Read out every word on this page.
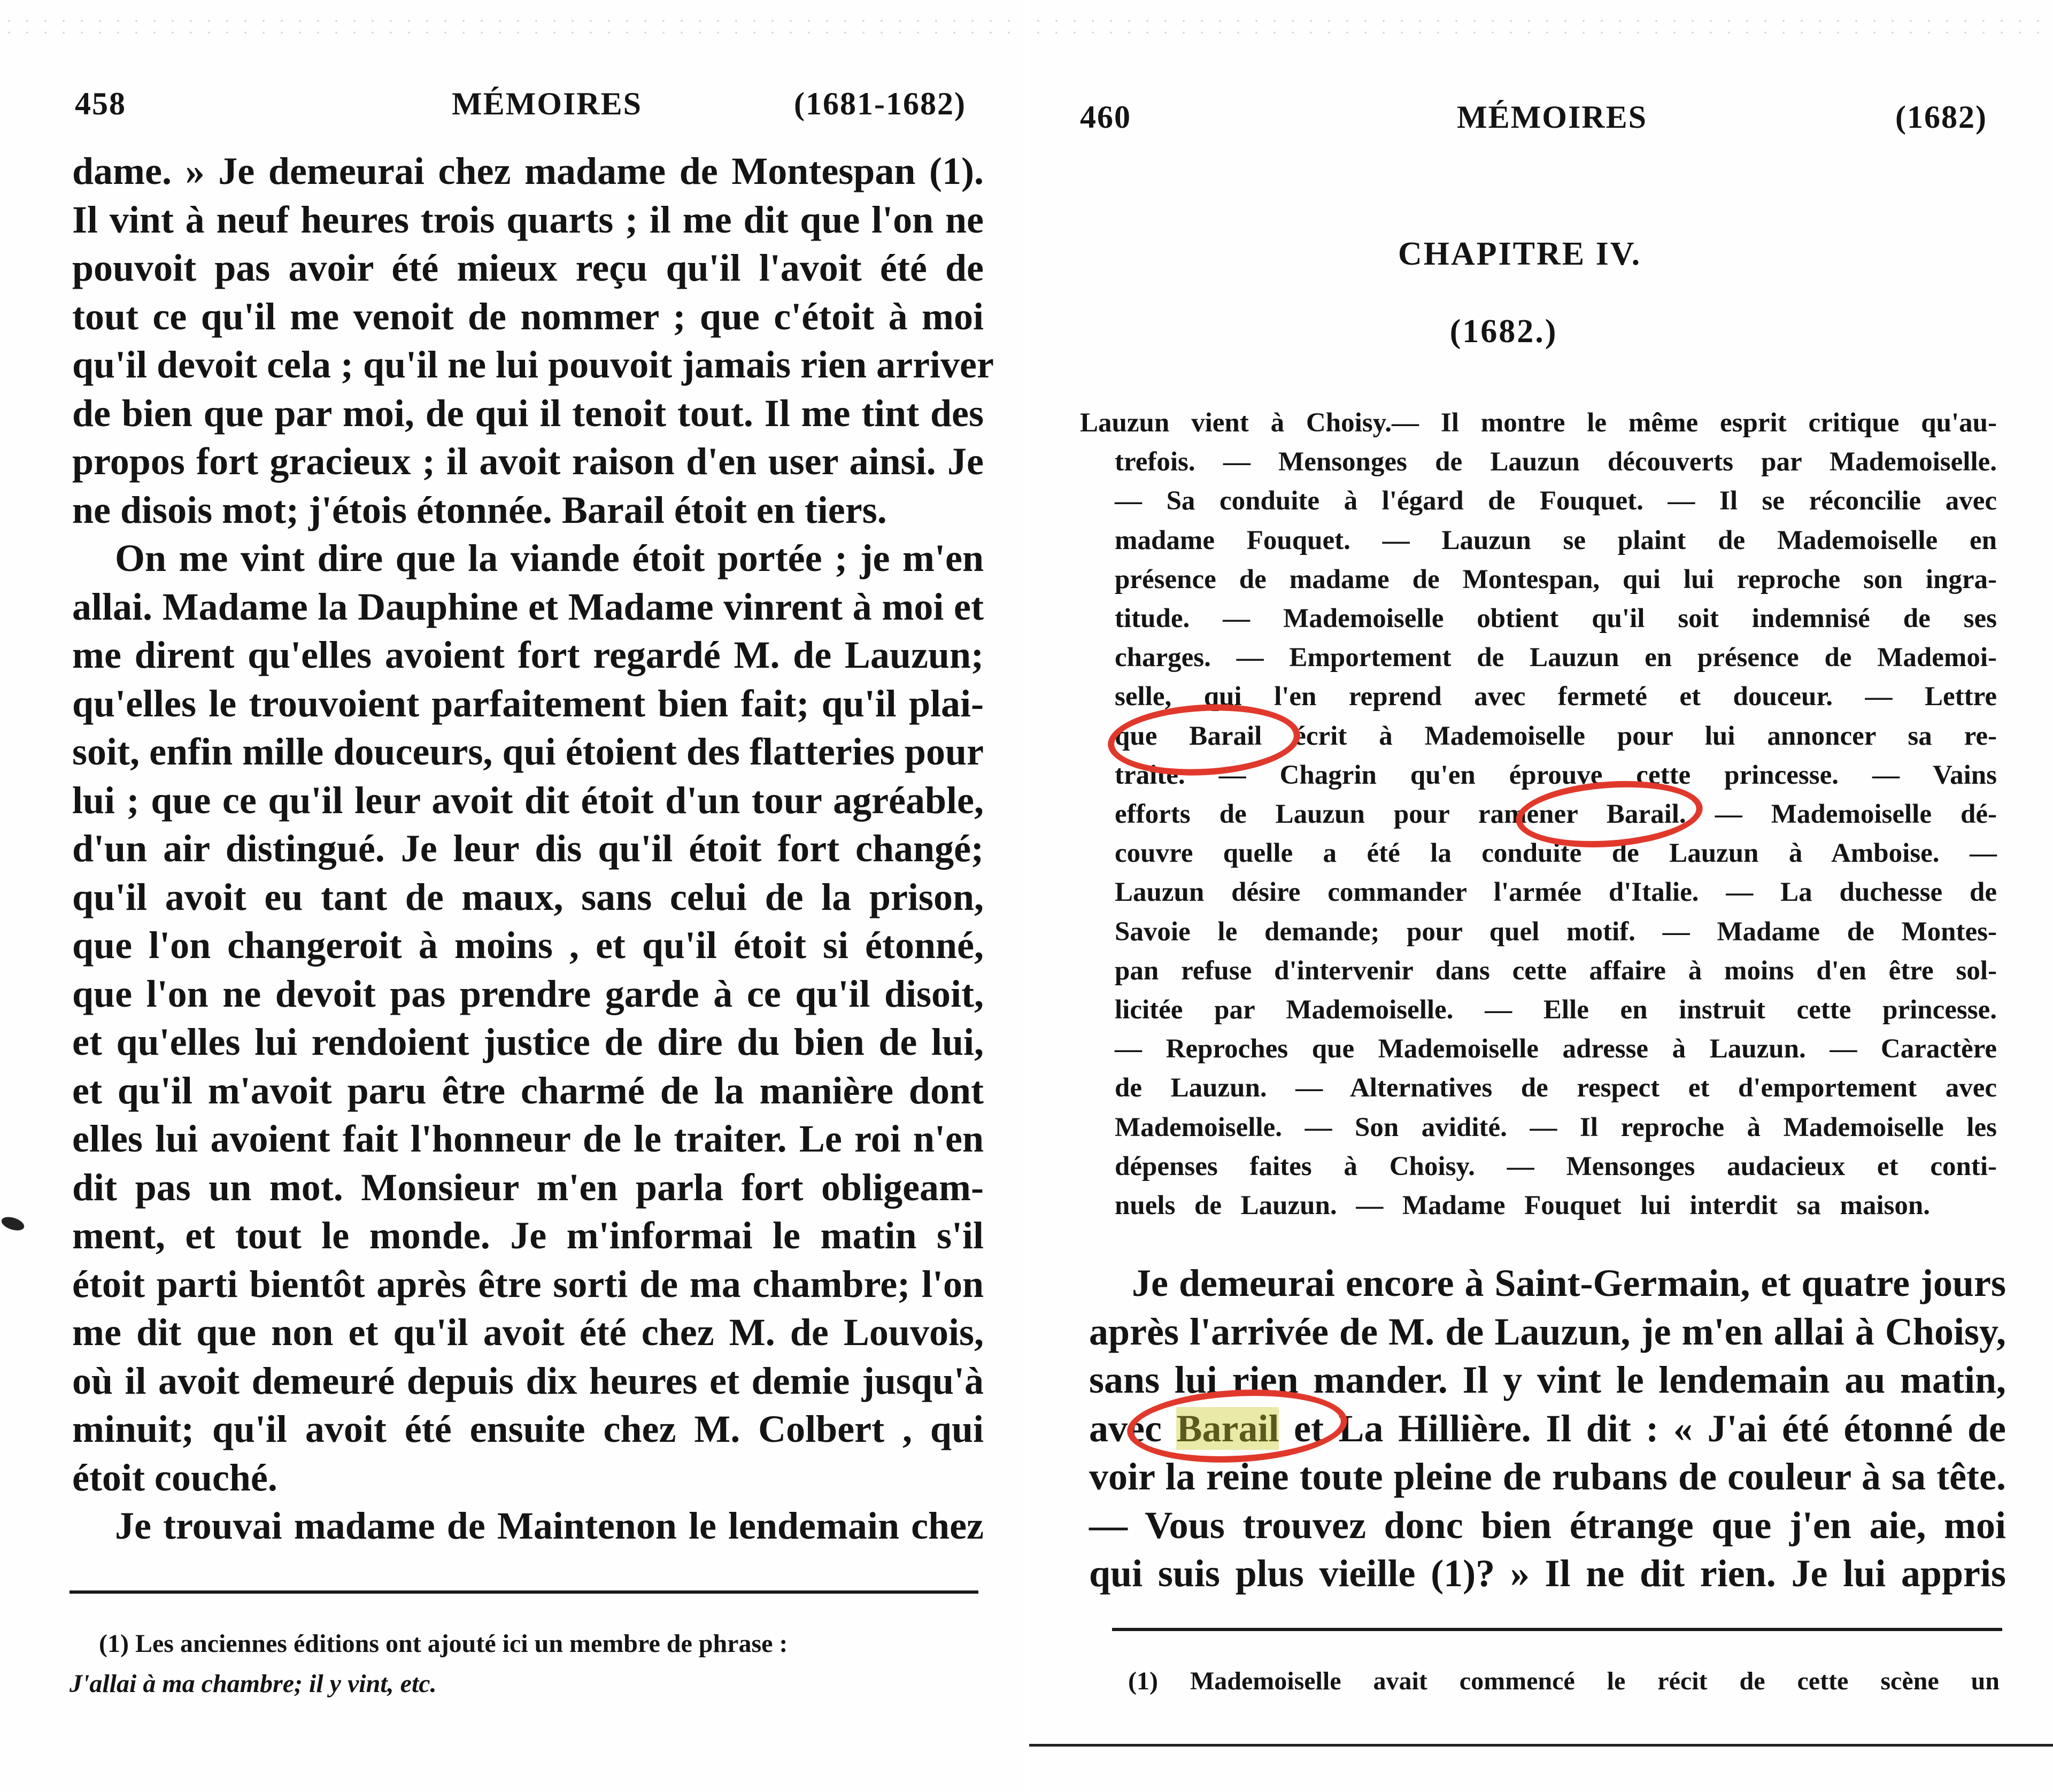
458	MÉMOIRES	(1681-1682)
dame. » Je demeurai chez madame de Montespan (1).
Il vint à neuf heures trois quarts ; il me dit que l'on ne
pouvoit pas avoir été mieux reçu qu'il l'avoit été de
tout ce qu'il me venoit de nommer ; que c'étoit à moi
qu'il devoit cela ; qu'il ne lui pouvoit jamais rien arriver
de bien que par moi, de qui il tenoit tout. Il me tint des
propos fort gracieux ; il avoit raison d'en user ainsi. Je
ne disois mot; j'étois étonnée. Barail étoit en tiers.
On me vint dire que la viande étoit portée ; je m'en
allai. Madame la Dauphine et Madame vinrent à moi et
me dirent qu'elles avoient fort regardé M. de Lauzun;
qu'elles le trouvoient parfaitement bien fait; qu'il plai-
soit, enfin mille douceurs, qui étoient des flatteries pour
lui ; que ce qu'il leur avoit dit étoit d'un tour agréable,
d'un air distingué. Je leur dis qu'il étoit fort changé;
qu'il avoit eu tant de maux, sans celui de la prison,
que l'on changeroit à moins , et qu'il étoit si étonné,
que l'on ne devoit pas prendre garde à ce qu'il disoit,
et qu'elles lui rendoient justice de dire du bien de lui,
et qu'il m'avoit paru être charmé de la manière dont
elles lui avoient fait l'honneur de le traiter. Le roi n'en
dit pas un mot. Monsieur m'en parla fort obligeam-
ment, et tout le monde. Je m'informai le matin s'il
étoit parti bientôt après être sorti de ma chambre; l'on
me dit que non et qu'il avoit été chez M. de Louvois,
où il avoit demeuré depuis dix heures et demie jusqu'à
minuit; qu'il avoit été ensuite chez M. Colbert , qui
étoit couché.
Je trouvai madame de Maintenon le lendemain chez
(1) Les anciennes éditions ont ajouté ici un membre de phrase :
J'allai à ma chambre; il y vint, etc.
460	MÉMOIRES	(1682)
CHAPITRE IV.
(1682.)
Lauzun vient à Choisy.— Il montre le même esprit critique qu'au-
trefois. — Mensonges de Lauzun découverts par Mademoiselle.
— Sa conduite à l'égard de Fouquet. — Il se réconcilie avec
madame Fouquet. — Lauzun se plaint de Mademoiselle en
présence de madame de Montespan, qui lui reproche son ingra-
titude. — Mademoiselle obtient qu'il soit indemnisé de ses
charges. — Emportement de Lauzun en présence de Mademoi-
selle, qui l'en reprend avec fermeté et douceur. — Lettre
que Barail écrit à Mademoiselle pour lui annoncer sa re-
traite. — Chagrin qu'en éprouve cette princesse. — Vains
efforts de Lauzun pour ramener Barail. — Mademoiselle dé-
couvre quelle a été la conduite de Lauzun à Amboise. —
Lauzun désire commander l'armée d'Italie. — La duchesse de
Savoie le demande; pour quel motif. — Madame de Montes-
pan refuse d'intervenir dans cette affaire à moins d'en être sol-
licitée par Mademoiselle. — Elle en instruit cette princesse.
— Reproches que Mademoiselle adresse à Lauzun. — Caractère
de Lauzun. — Alternatives de respect et d'emportement avec
Mademoiselle. — Son avidité. — Il reproche à Mademoiselle les
dépenses faites à Choisy. — Mensonges audacieux et conti-
nuels de Lauzun. — Madame Fouquet lui interdit sa maison.
Je demeurai encore à Saint-Germain, et quatre jours
après l'arrivée de M. de Lauzun, je m'en allai à Choisy,
sans lui rien mander. Il y vint le lendemain au matin,
avec Barail et La Hillière. Il dit : « J'ai été étonné de
voir la reine toute pleine de rubans de couleur à sa tête.
— Vous trouvez donc bien étrange que j'en aie, moi
qui suis plus vieille (1)? » Il ne dit rien. Je lui appris
(1) Mademoiselle avait commencé le récit de cette scène un
